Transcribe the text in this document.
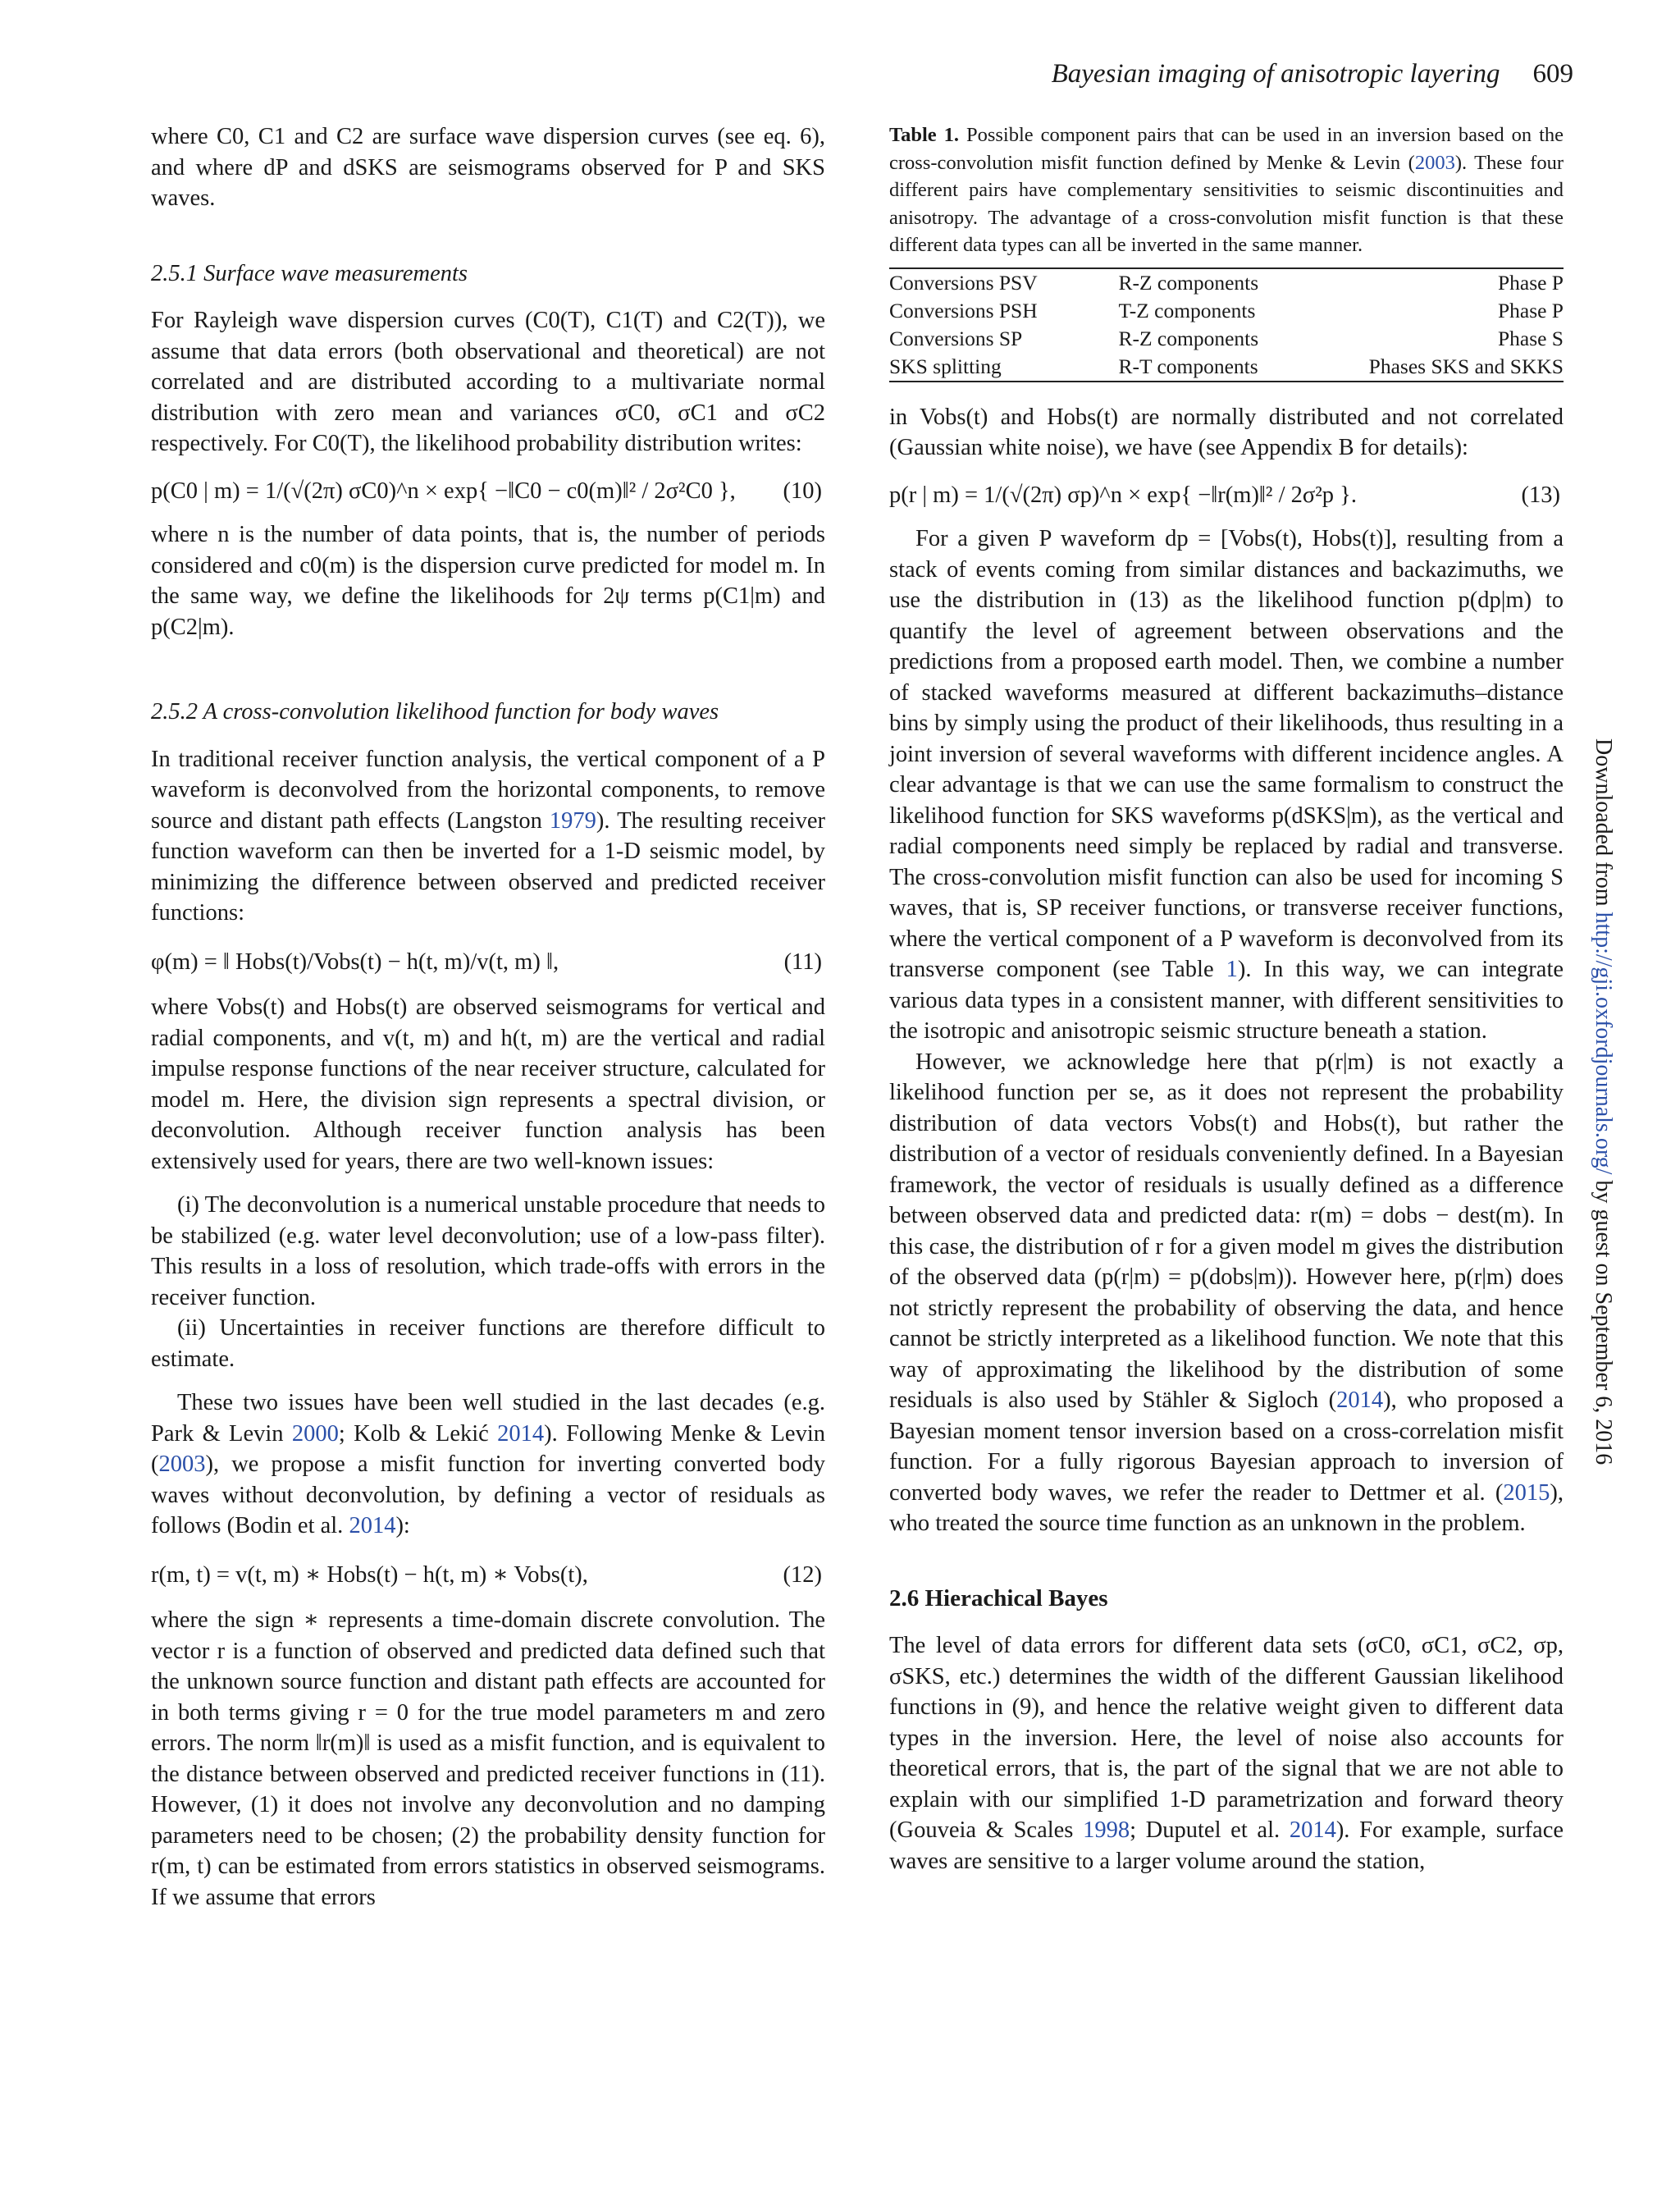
Bayesian imaging of anisotropic layering 609
Downloaded from http://gji.oxfordjournals.org/ by guest on September 6, 2016

where C0, C1 and C2 are surface wave dispersion curves (see eq. 6), and where dP and dSKS are seismograms observed for P and SKS waves.

2.5.1 Surface wave measurements

For Rayleigh wave dispersion curves (C0(T), C1(T) and C2(T)), we assume that data errors (both observational and theoretical) are not correlated and are distributed according to a multivariate normal distribution with zero mean and variances σC0, σC1 and σC2 respectively. For C0(T), the likelihood probability distribution writes:

p(C0 | m) = 1/(√(2π) σC0)^n × exp{ −‖C0 − c0(m)‖² / 2σ²C0 }, (10)

where n is the number of data points, that is, the number of periods considered and c0(m) is the dispersion curve predicted for model m. In the same way, we define the likelihoods for 2ψ terms p(C1|m) and p(C2|m).

2.5.2 A cross-convolution likelihood function for body waves

In traditional receiver function analysis, the vertical component of a P waveform is deconvolved from the horizontal components, to remove source and distant path effects (Langston 1979). The resulting receiver function waveform can then be inverted for a 1-D seismic model, by minimizing the difference between observed and predicted receiver functions:

φ(m) = ‖ Hobs(t)/Vobs(t) − h(t, m)/v(t, m) ‖,	(11)

where Vobs(t) and Hobs(t) are observed seismograms for vertical and radial components, and v(t, m) and h(t, m) are the vertical and radial impulse response functions of the near receiver structure, calculated for model m. Here, the division sign represents a spectral division, or deconvolution. Although receiver function analysis has been extensively used for years, there are two well-known issues:

(i) The deconvolution is a numerical unstable procedure that needs to be stabilized (e.g. water level deconvolution; use of a low-pass filter). This results in a loss of resolution, which trade-offs with errors in the receiver function.

(ii) Uncertainties in receiver functions are therefore difficult to estimate.

These two issues have been well studied in the last decades (e.g. Park & Levin 2000; Kolb & Lekić 2014). Following Menke & Levin (2003), we propose a misfit function for inverting converted body waves without deconvolution, by defining a vector of residuals as follows (Bodin et al. 2014):

r(m, t) = v(t, m) ∗ Hobs(t) − h(t, m) ∗ Vobs(t),	(12)

where the sign ∗ represents a time-domain discrete convolution. The vector r is a function of observed and predicted data defined such that the unknown source function and distant path effects are accounted for in both terms giving r = 0 for the true model parameters m and zero errors. The norm ‖r(m)‖ is used as a misfit function, and is equivalent to the distance between observed and predicted receiver functions in (11). However, (1) it does not involve any deconvolution and no damping parameters need to be chosen; (2) the probability density function for r(m, t) can be estimated from errors statistics in observed seismograms. If we assume that errors

Table 1. Possible component pairs that can be used in an inversion based on the cross-convolution misfit function defined by Menke & Levin (2003). These four different pairs have complementary sensitivities to seismic discontinuities and anisotropy. The advantage of a cross-convolution misfit function is that these different data types can all be inverted in the same manner.

Conversions PSV	R-Z components	Phase P
Conversions PSH	T-Z components	Phase P
Conversions SP	R-Z components	Phase S
SKS splitting	R-T components	Phases SKS and SKKS

in Vobs(t) and Hobs(t) are normally distributed and not correlated (Gaussian white noise), we have (see Appendix B for details):

p(r | m) = 1/(√(2π) σp)^n × exp{ −‖r(m)‖² / 2σ²p }.	(13)

For a given P waveform dp = [Vobs(t), Hobs(t)], resulting from a stack of events coming from similar distances and backazimuths, we use the distribution in (13) as the likelihood function p(dp|m) to quantify the level of agreement between observations and the predictions from a proposed earth model. Then, we combine a number of stacked waveforms measured at different backazimuths–distance bins by simply using the product of their likelihoods, thus resulting in a joint inversion of several waveforms with different incidence angles. A clear advantage is that we can use the same formalism to construct the likelihood function for SKS waveforms p(dSKS|m), as the vertical and radial components need simply be replaced by radial and transverse. The cross-convolution misfit function can also be used for incoming S waves, that is, SP receiver functions, or transverse receiver functions, where the vertical component of a P waveform is deconvolved from its transverse component (see Table 1). In this way, we can integrate various data types in a consistent manner, with different sensitivities to the isotropic and anisotropic seismic structure beneath a station.

However, we acknowledge here that p(r|m) is not exactly a likelihood function per se, as it does not represent the probability distribution of data vectors Vobs(t) and Hobs(t), but rather the distribution of a vector of residuals conveniently defined. In a Bayesian framework, the vector of residuals is usually defined as a difference between observed data and predicted data: r(m) = dobs − dest(m). In this case, the distribution of r for a given model m gives the distribution of the observed data (p(r|m) = p(dobs|m)). However here, p(r|m) does not strictly represent the probability of observing the data, and hence cannot be strictly interpreted as a likelihood function. We note that this way of approximating the likelihood by the distribution of some residuals is also used by Stähler & Sigloch (2014), who proposed a Bayesian moment tensor inversion based on a cross-correlation misfit function. For a fully rigorous Bayesian approach to inversion of converted body waves, we refer the reader to Dettmer et al. (2015), who treated the source time function as an unknown in the problem.

2.6 Hierachical Bayes

The level of data errors for different data sets (σC0, σC1, σC2, σp, σSKS, etc.) determines the width of the different Gaussian likelihood functions in (9), and hence the relative weight given to different data types in the inversion. Here, the level of noise also accounts for theoretical errors, that is, the part of the signal that we are not able to explain with our simplified 1-D parametrization and forward theory (Gouveia & Scales 1998; Duputel et al. 2014). For example, surface waves are sensitive to a larger volume around the station,
